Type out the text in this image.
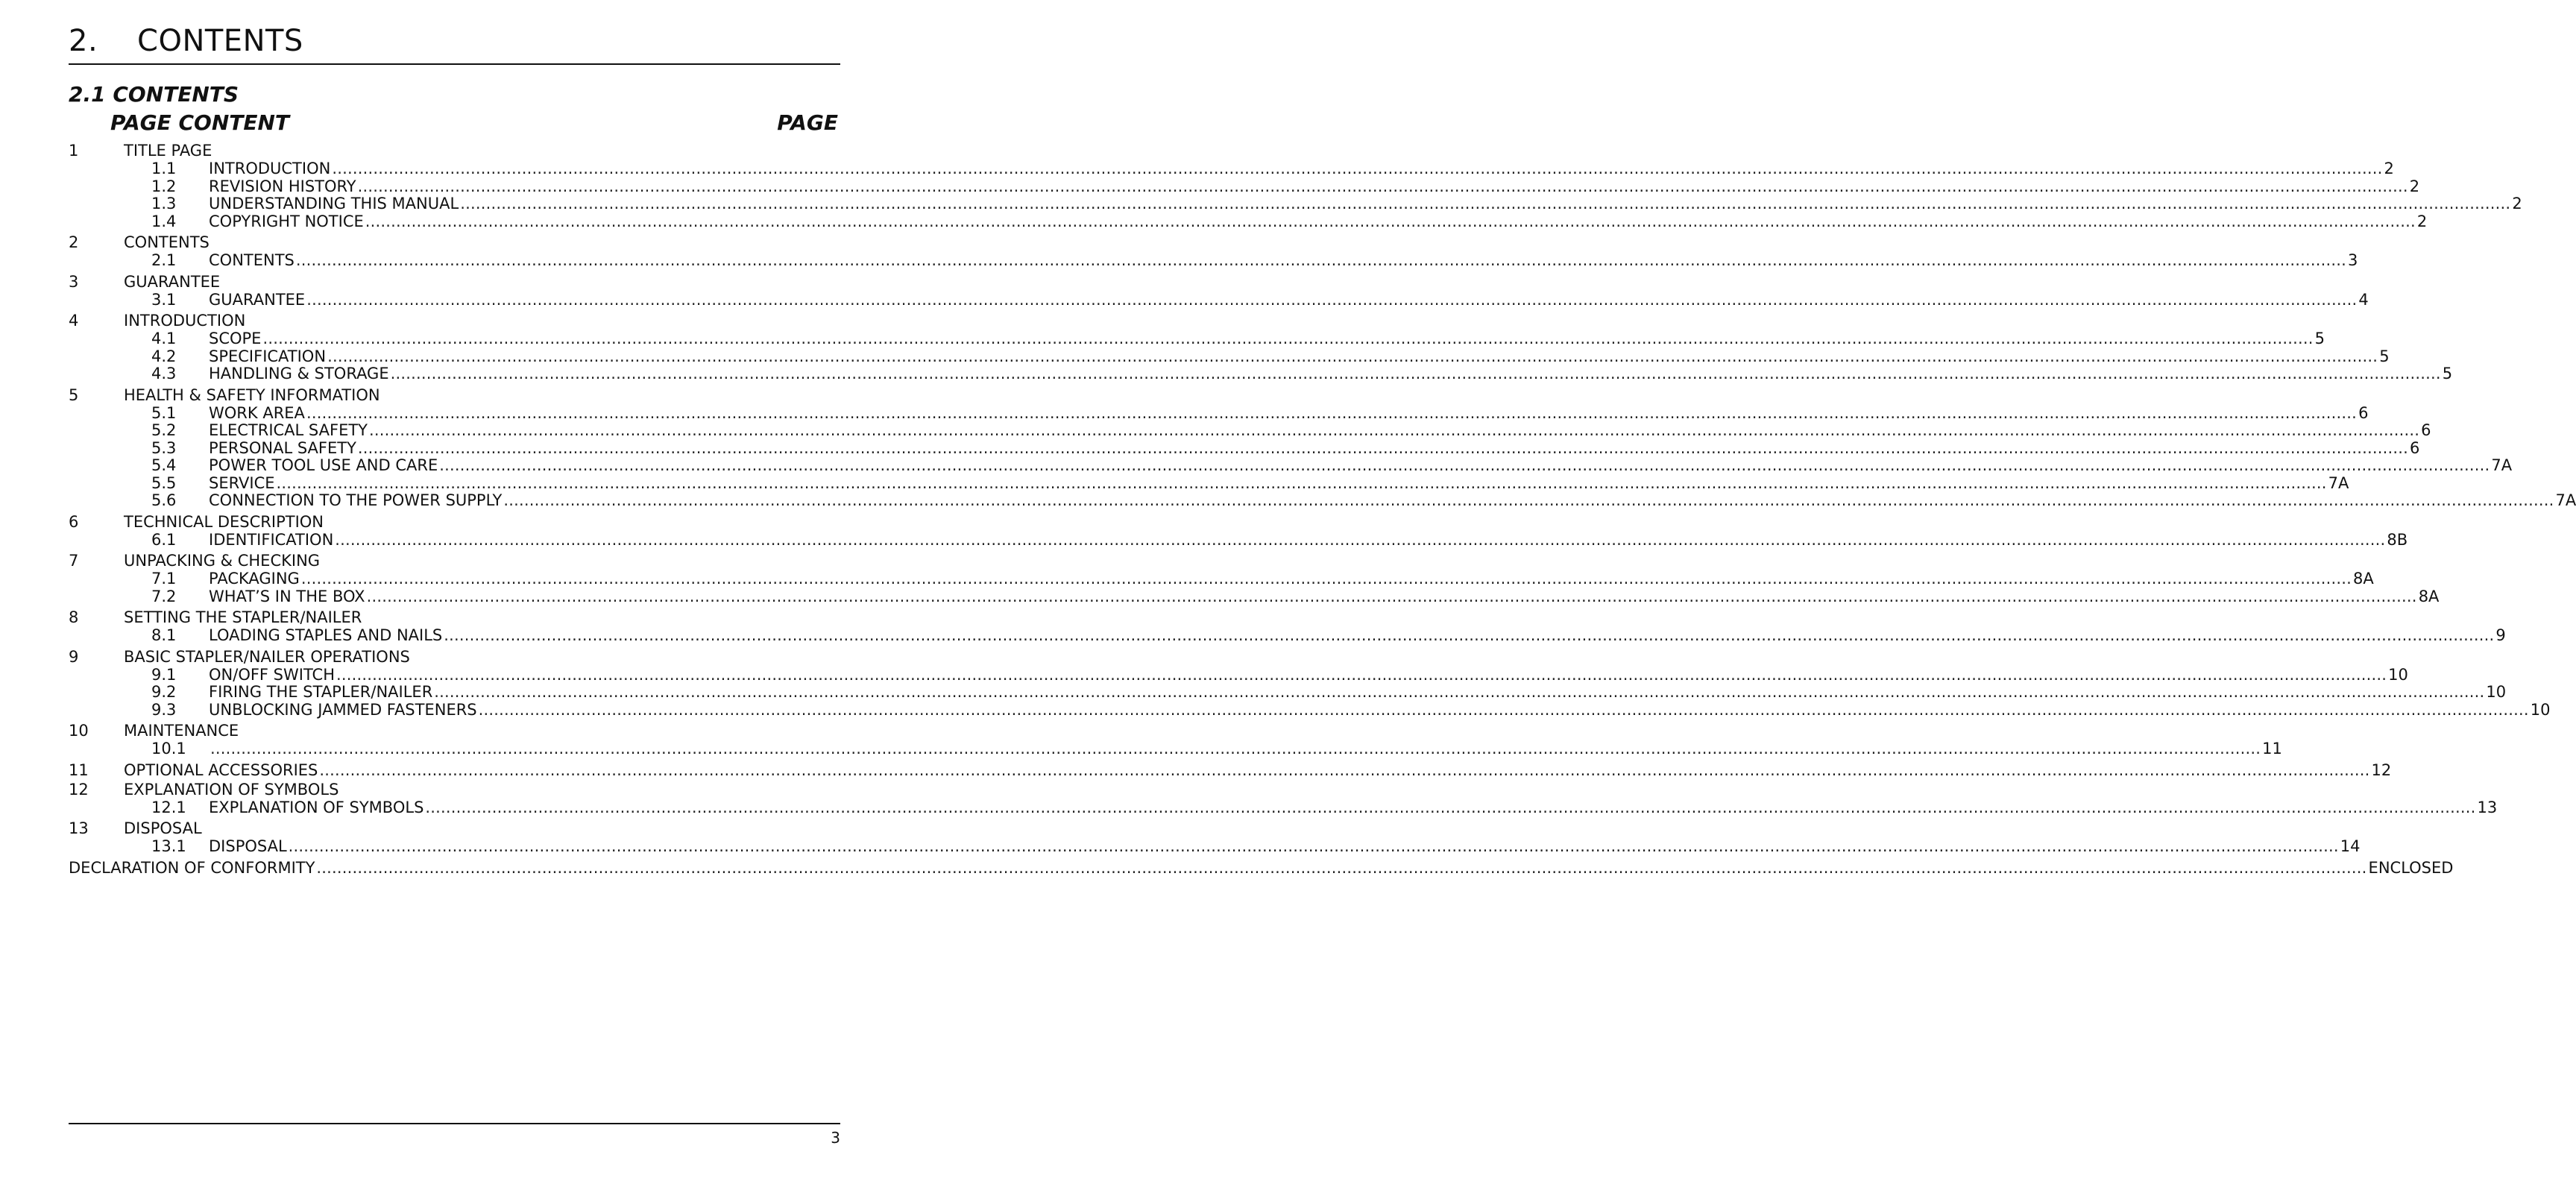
2. CONTENTS
2.1 CONTENTS
PAGE CONTENT	PAGE
1	TITLE PAGE
1.1	INTRODUCTION ................................................................................................................................................................................................................................................................................................................................................................................................................ 2
1.2	REVISION HISTORY ................................................................................................................................................................................................................................................................................................................................................................................................................ 2
1.3	UNDERSTANDING THIS MANUAL ................................................................................................................................................................................................................................................................................................................................................................................................................ 2
1.4	COPYRIGHT NOTICE ................................................................................................................................................................................................................................................................................................................................................................................................................ 2
2	CONTENTS
2.1	CONTENTS ................................................................................................................................................................................................................................................................................................................................................................................................................ 3
3	GUARANTEE
3.1	GUARANTEE ................................................................................................................................................................................................................................................................................................................................................................................................................ 4
4	INTRODUCTION
4.1	SCOPE ................................................................................................................................................................................................................................................................................................................................................................................................................ 5
4.2	SPECIFICATION ................................................................................................................................................................................................................................................................................................................................................................................................................ 5
4.3	HANDLING & STORAGE ................................................................................................................................................................................................................................................................................................................................................................................................................ 5
5	HEALTH & SAFETY INFORMATION
5.1	WORK AREA ................................................................................................................................................................................................................................................................................................................................................................................................................ 6
5.2	ELECTRICAL SAFETY ................................................................................................................................................................................................................................................................................................................................................................................................................ 6
5.3	PERSONAL SAFETY ................................................................................................................................................................................................................................................................................................................................................................................................................ 6
5.4	POWER TOOL USE AND CARE ................................................................................................................................................................................................................................................................................................................................................................................................................ 7A
5.5	SERVICE ................................................................................................................................................................................................................................................................................................................................................................................................................ 7A
5.6	CONNECTION TO THE POWER SUPPLY ................................................................................................................................................................................................................................................................................................................................................................................................................ 7A
6	TECHNICAL DESCRIPTION
6.1	IDENTIFICATION ................................................................................................................................................................................................................................................................................................................................................................................................................ 8B
7	UNPACKING & CHECKING
7.1	PACKAGING ................................................................................................................................................................................................................................................................................................................................................................................................................ 8A
7.2	WHAT’S IN THE BOX ................................................................................................................................................................................................................................................................................................................................................................................................................ 8A
8	SETTING THE STAPLER/NAILER
8.1	LOADING STAPLES AND NAILS ................................................................................................................................................................................................................................................................................................................................................................................................................ 9
9	BASIC STAPLER/NAILER OPERATIONS
9.1	ON/OFF SWITCH ................................................................................................................................................................................................................................................................................................................................................................................................................ 10
9.2	FIRING THE STAPLER/NAILER ................................................................................................................................................................................................................................................................................................................................................................................................................ 10
9.3	UNBLOCKING JAMMED FASTENERS ................................................................................................................................................................................................................................................................................................................................................................................................................ 10
10	MAINTENANCE
10.1	................................................................................................................................................................................................................................................................................................................................................................................................................ 11
11	OPTIONAL ACCESSORIES ................................................................................................................................................................................................................................................................................................................................................................................................................ 12
12	EXPLANATION OF SYMBOLS
12.1	EXPLANATION OF SYMBOLS ................................................................................................................................................................................................................................................................................................................................................................................................................ 13
13	DISPOSAL
13.1	DISPOSAL ................................................................................................................................................................................................................................................................................................................................................................................................................ 14
DECLARATION OF CONFORMITY ................................................................................................................................................................................................................................................................................................................................................................................................................ ENCLOSED
3
